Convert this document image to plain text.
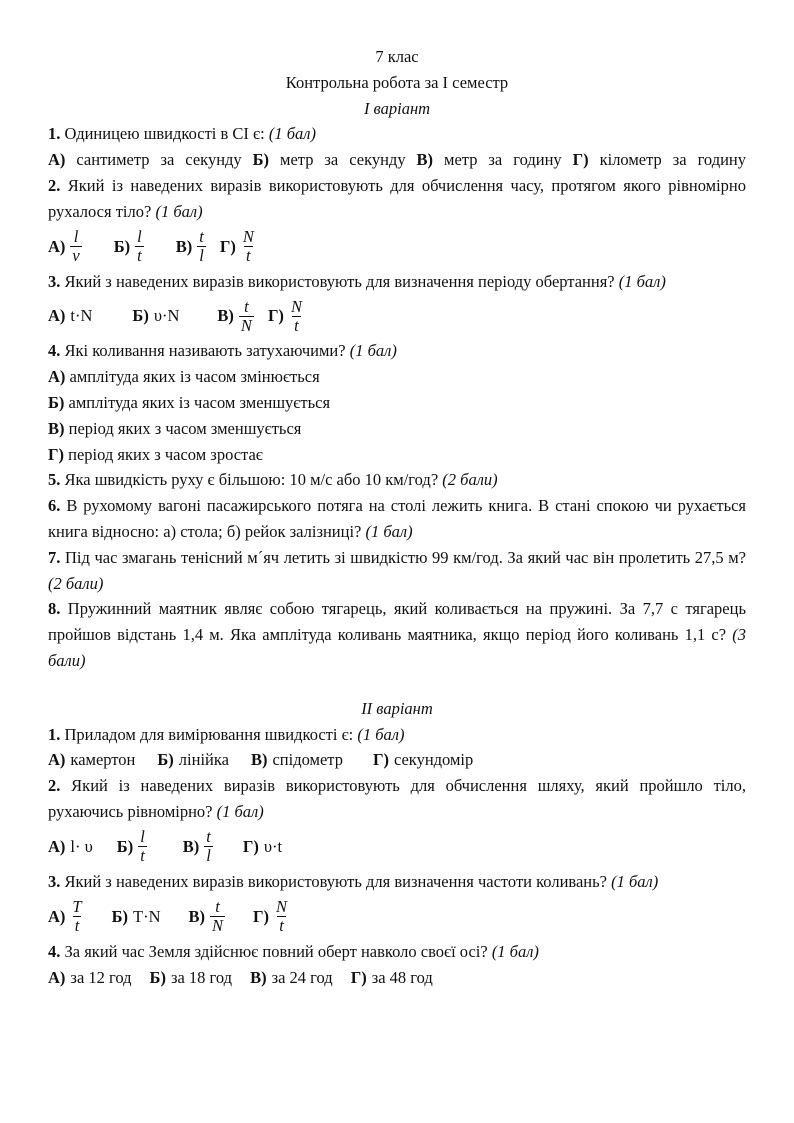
7 клас
Контрольна робота за І семестр
І варіант
1. Одиницею швидкості в СІ є: (1 бал)
А) сантиметр за секунду Б) метр за секунду В) метр за годину Г) кілометр за годину
2. Який із наведених виразів використовують для обчислення часу, протягом якого рівномірно рухалося тіло? (1 бал)
$А) \frac{l}{v} Б) \frac{l}{t} В) \frac{t}{l} Г) \frac{N}{t}$
3. Який з наведених виразів використовують для визначення періоду обертання? (1 бал)
А) t·N Б) υ·N $В) \frac{t}{N} Г) \frac{N}{t}$
4. Які коливання називають затухаючими? (1 бал)
А) амплітуда яких із часом змінюється
Б) амплітуда яких із часом зменшується
В) період яких з часом зменшується
Г) період яких з часом зростає
5. Яка швидкість руху є більшою: 10 м/с або 10 км/год? (2 бали)
6. В рухомому вагоні пасажирського потяга на столі лежить книга. В стані спокою чи рухається книга відносно: а) стола; б) рейок залізниці? (1 бал)
7. Під час змагань тенісний м´яч летить зі швидкістю 99 км/год. За який час він пролетить 27,5 м? (2 бали)
8. Пружинний маятник являє собою тягарець, який коливається на пружині. За 7,7 с тягарець пройшов відстань 1,4 м. Яка амплітуда коливань маятника, якщо період його коливань 1,1 с? (3 бали)
ІІ варіант
1. Приладом для вимірювання швидкості є: (1 бал)
А) камертон Б) лінійка В) спідометр Г) секундомір
2. Який із наведених виразів використовують для обчислення шляху, який пройшло тіло, рухаючись рівномірно? (1 бал)
А) l· υ $Б) \frac{l}{t} В) \frac{t}{l} Г$) υ·t
3. Який з наведених виразів використовують для визначення частоти коливань? (1 бал)
$А) \frac{T}{t} Б$) T·N $В) \frac{t}{N} Г) \frac{N}{t}$
4. За який час Земля здійснює повний оберт навколо своєї осі? (1 бал)
А) за 12 год Б) за 18 год В) за 24 год Г) за 48 год
